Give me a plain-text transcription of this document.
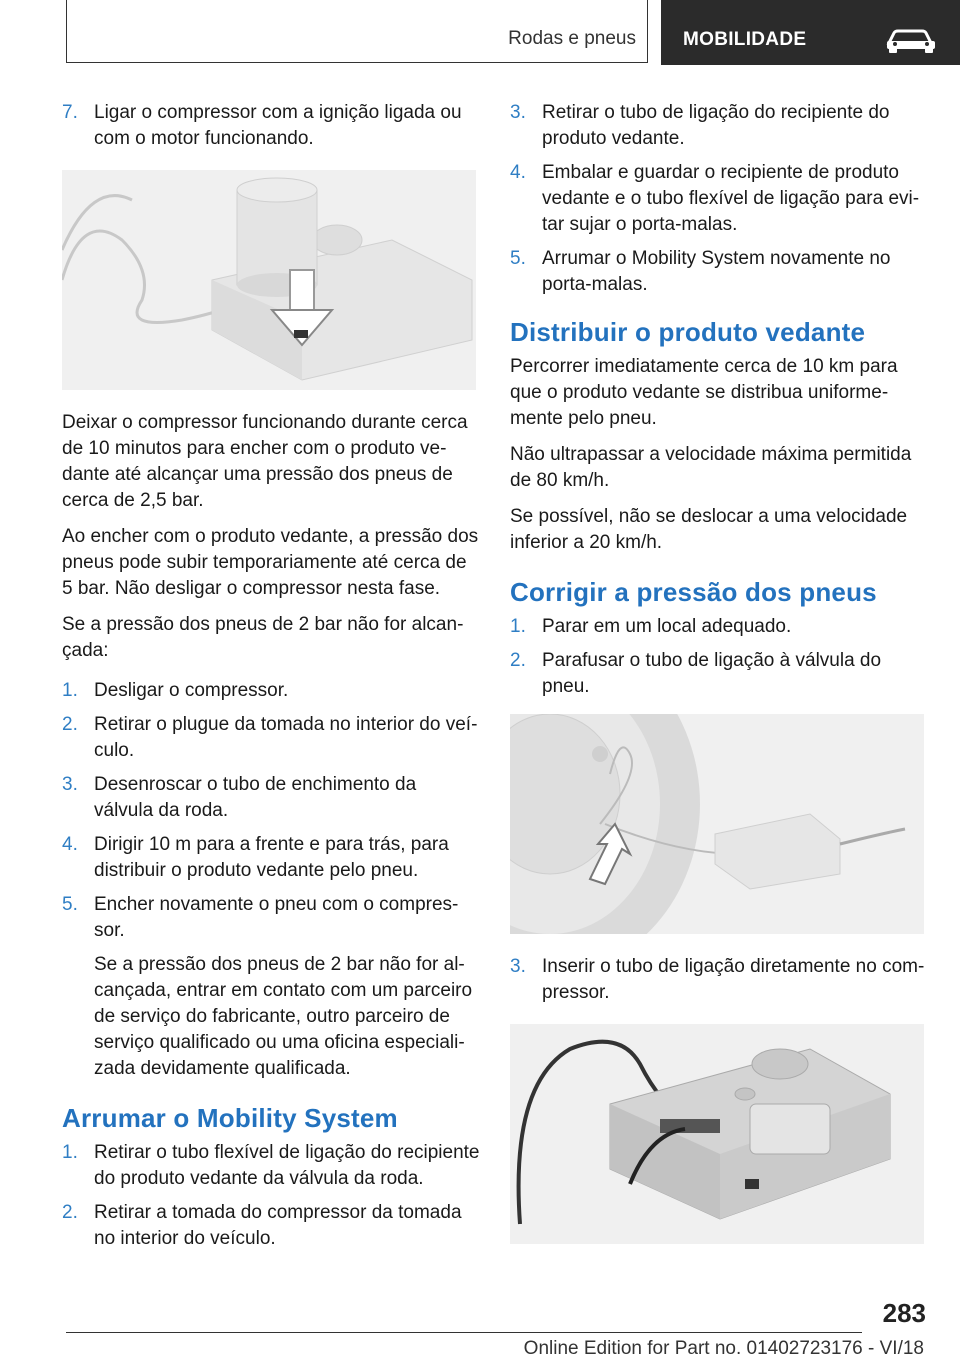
Rodas e pneus MOBILIDADE
7. Ligar o compressor com a ignição ligada ou com o motor funcionando.

Deixar o compressor funcionando durante cerca de 10 minutos para encher com o produto vedante até alcançar uma pressão dos pneus de cerca de 2,5 bar.

Ao encher com o produto vedante, a pressão dos pneus pode subir temporariamente até cerca de 5 bar. Não desligar o compressor nesta fase.

Se a pressão dos pneus de 2 bar não for alcançada:

1. Desligar o compressor.
2. Retirar o plugue da tomada no interior do veículo.
3. Desenroscar o tubo de enchimento da válvula da roda.
4. Dirigir 10 m para a frente e para trás, para distribuir o produto vedante pelo pneu.
5. Encher novamente o pneu com o compressor.
Se a pressão dos pneus de 2 bar não for alcançada, entrar em contato com um parceiro de serviço do fabricante, outro parceiro de serviço qualificado ou uma oficina especializada devidamente qualificada.
Arrumar o Mobility System
1. Retirar o tubo flexível de ligação do recipiente do produto vedante da válvula da roda.
2. Retirar a tomada do compressor da tomada no interior do veículo.
3. Retirar o tubo de ligação do recipiente do produto vedante.
4. Embalar e guardar o recipiente de produto vedante e o tubo flexível de ligação para evitar sujar o porta-malas.
5. Arrumar o Mobility System novamente no porta-malas.
Distribuir o produto vedante

Percorrer imediatamente cerca de 10 km para que o produto vedante se distribua uniformemente pelo pneu.

Não ultrapassar a velocidade máxima permitida de 80 km/h.

Se possível, não se deslocar a uma velocidade inferior a 20 km/h.

Corrigir a pressão dos pneus
1. Parar em um local adequado.
2. Parafusar o tubo de ligação à válvula do pneu.
3. Inserir o tubo de ligação diretamente no compressor.
283
Online Edition for Part no. 01402723176 - VI/18
